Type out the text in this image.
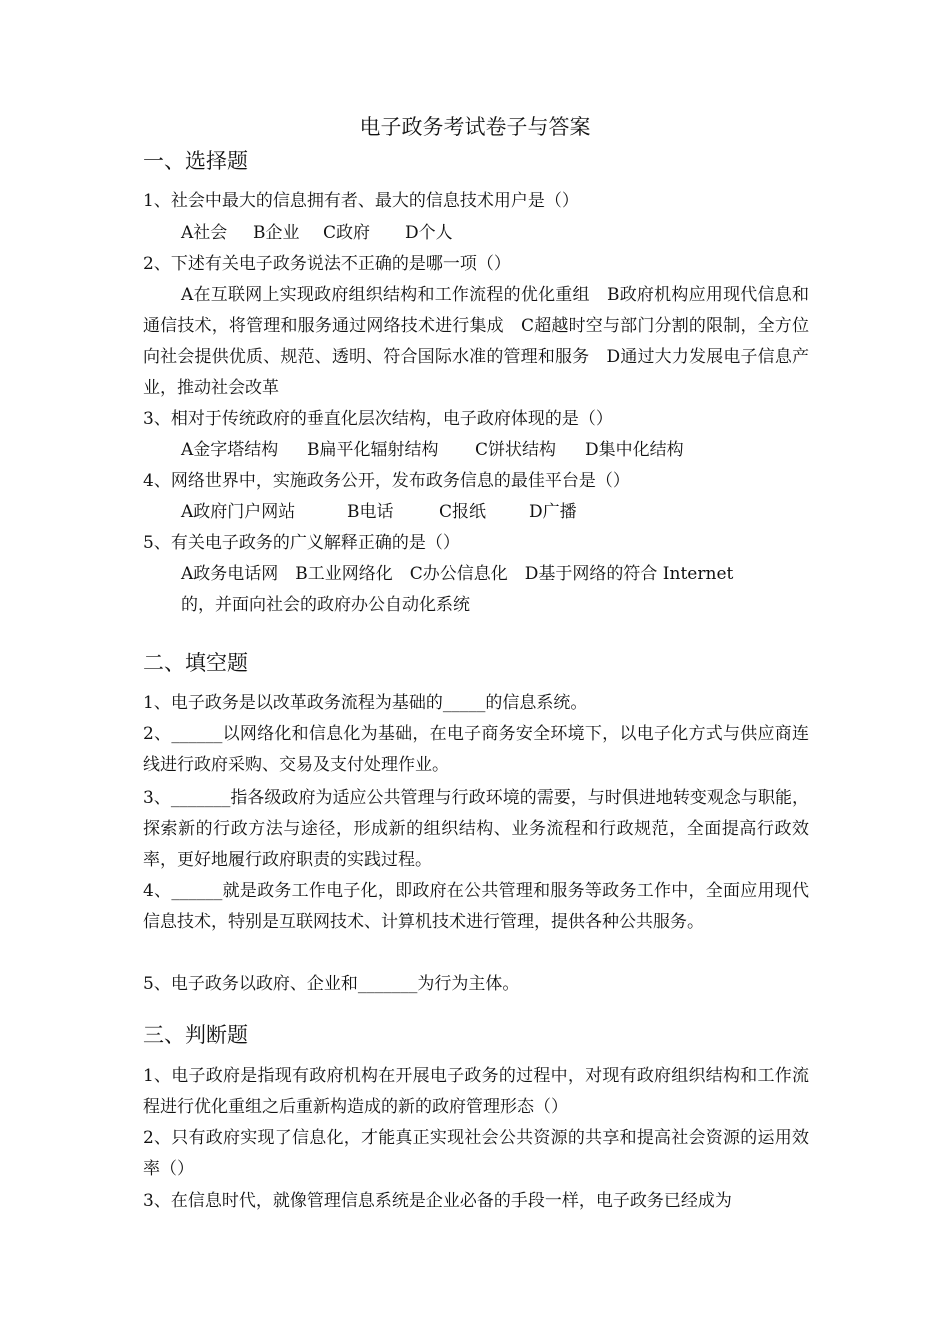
电子政务考试卷子与答案
一、选择题
1、社会中最大的信息拥有者、最大的信息技术用户是（）
A社会 B企业 C政府 D个人
2、下述有关电子政务说法不正确的是哪一项（）
A在互联网上实现政府组织结构和工作流程的优化重组　B政府机构应用现代信息和通信技术，将管理和服务通过网络技术进行集成　C超越时空与部门分割的限制，全方位向社会提供优质、规范、透明、符合国际水准的管理和服务　D通过大力发展电子信息产业，推动社会改革
3、相对于传统政府的垂直化层次结构，电子政府体现的是（）
A金字塔结构 B扁平化辐射结构 C饼状结构 D集中化结构
4、网络世界中，实施政务公开，发布政务信息的最佳平台是（）
A政府门户网站	B电话	C报纸	D广播
5、有关电子政务的广义解释正确的是（）
A政务电话网　B工业网络化　C办公信息化　D基于网络的符合 Internet
的，并面向社会的政府办公自动化系统
二、填空题
1、电子政务是以改革政务流程为基础的_____的信息系统。
2、______以网络化和信息化为基础，在电子商务安全环境下，以电子化方式与供应商连线进行政府采购、交易及支付处理作业。
3、_______指各级政府为适应公共管理与行政环境的需要，与时俱进地转变观念与职能，探索新的行政方法与途径，形成新的组织结构、业务流程和行政规范，全面提高行政效率，更好地履行政府职责的实践过程。
4、______就是政务工作电子化，即政府在公共管理和服务等政务工作中，全面应用现代信息技术，特别是互联网技术、计算机技术进行管理，提供各种公共服务。
5、电子政务以政府、企业和_______为行为主体。
三、判断题
1、电子政府是指现有政府机构在开展电子政务的过程中，对现有政府组织结构和工作流程进行优化重组之后重新构造成的新的政府管理形态（）
2、只有政府实现了信息化，才能真正实现社会公共资源的共享和提高社会资源的运用效率（）
3、在信息时代，就像管理信息系统是企业必备的手段一样，电子政务已经成为
